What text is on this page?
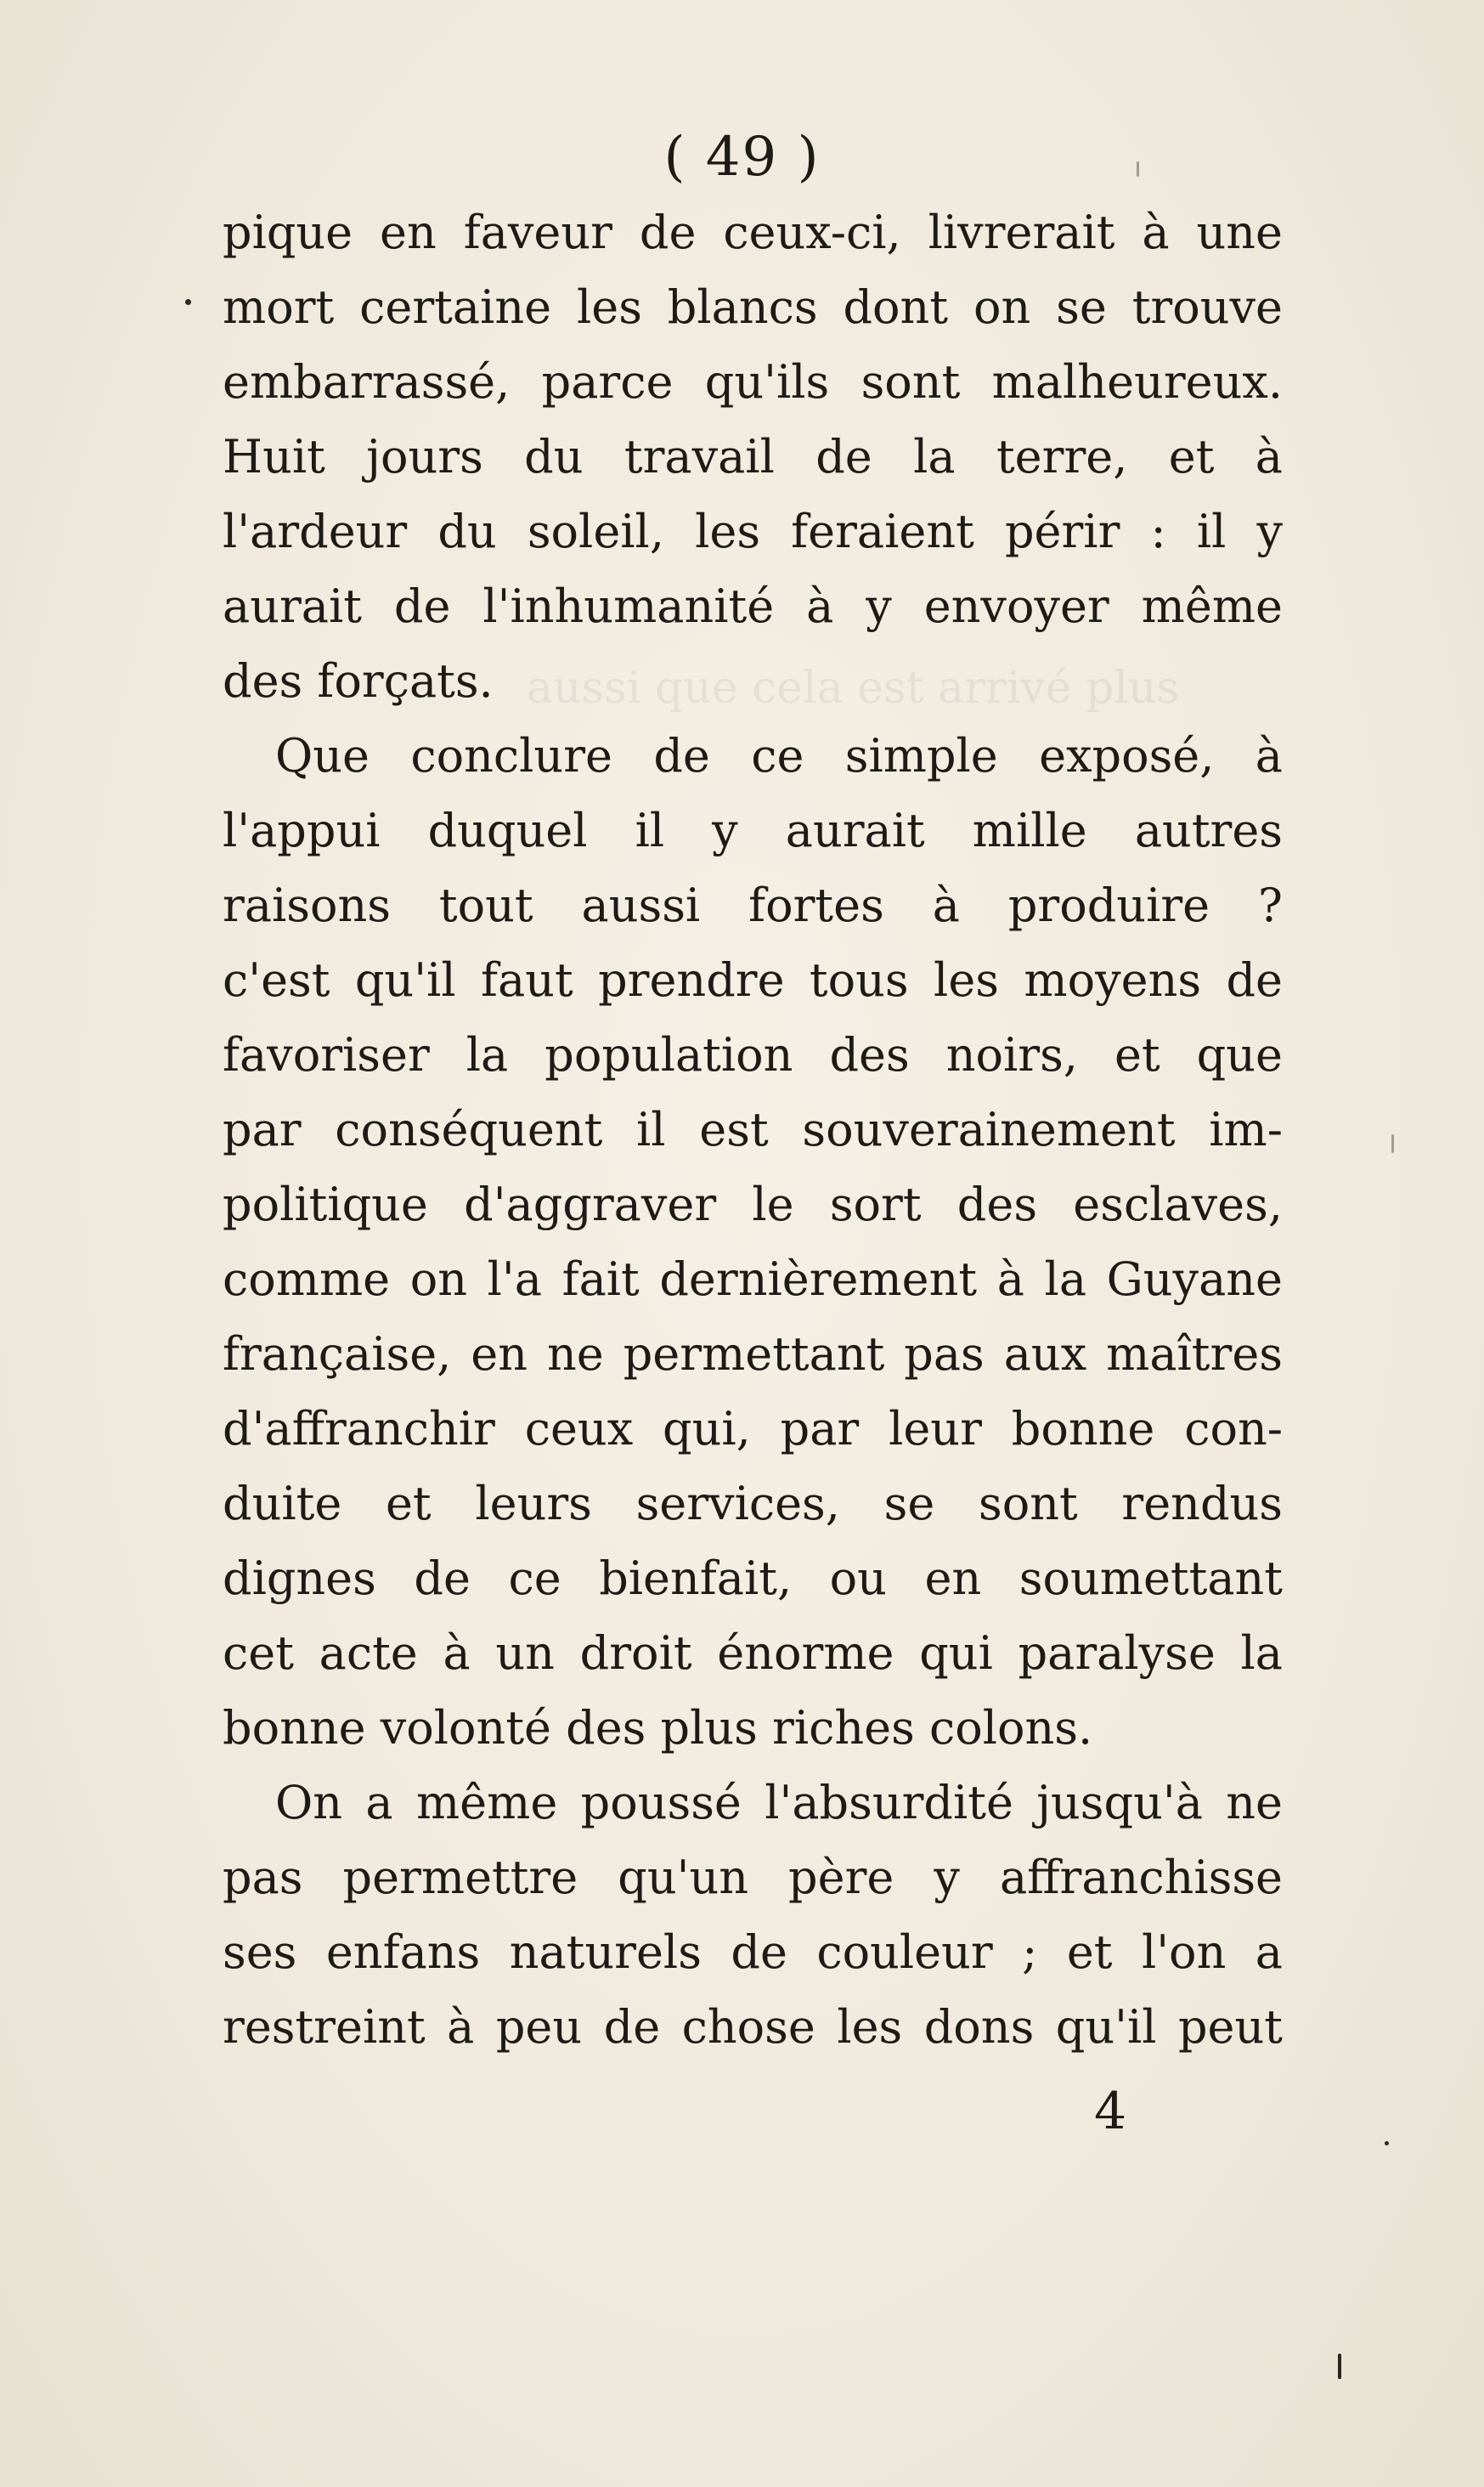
aussi que cela est arrivé plus
( 49 )
pique en faveur de ceux-ci, livrerait à une
mort certaine les blancs dont on se trouve
embarrassé, parce qu'ils sont malheureux.
Huit jours du travail de la terre, et à
l'ardeur du soleil, les feraient périr : il y
aurait de l'inhumanité à y envoyer même
des forçats.
Que conclure de ce simple exposé, à
l'appui duquel il y aurait mille autres
raisons tout aussi fortes à produire ?
c'est qu'il faut prendre tous les moyens de
favoriser la population des noirs, et que
par conséquent il est souverainement im-
politique d'aggraver le sort des esclaves,
comme on l'a fait dernièrement à la Guyane
française, en ne permettant pas aux maîtres
d'affranchir ceux qui, par leur bonne con-
duite et leurs services, se sont rendus
dignes de ce bienfait, ou en soumettant
cet acte à un droit énorme qui paralyse la
bonne volonté des plus riches colons.
On a même poussé l'absurdité jusqu'à ne
pas permettre qu'un père y affranchisse
ses enfans naturels de couleur ; et l'on a
restreint à peu de chose les dons qu'il peut
4
